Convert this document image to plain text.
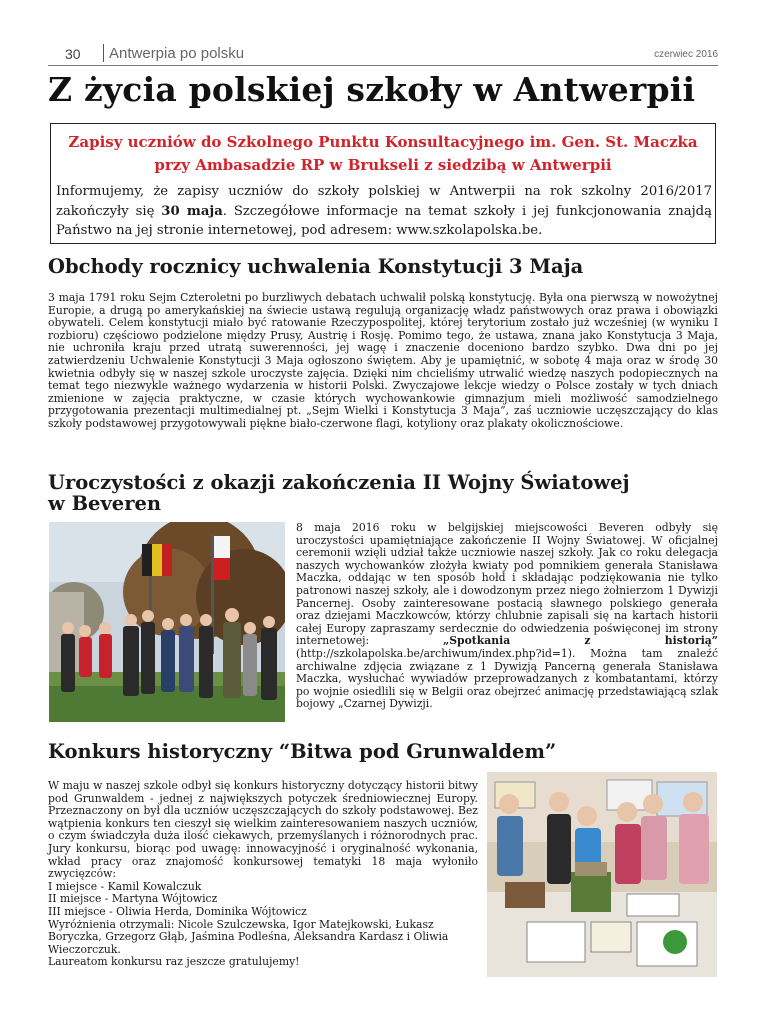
30 Antwerpia po polsku	czerwiec 2016
Z życia polskiej szkoły w Antwerpii
Zapisy uczniów do Szkolnego Punktu Konsultacyjnego im. Gen. St. Maczka
przy Ambasadzie RP w Brukseli z siedzibą w Antwerpii

Informujemy, że zapisy uczniów do szkoły polskiej w Antwerpii na rok szkolny 2016/2017 zakończyły się 30 maja. Szczegółowe informacje na temat szkoły i jej funkcjonowania znajdą Państwo na jej stronie internetowej, pod adresem: www.szkolapolska.be.

Obchody rocznicy uchwalenia Konstytucji 3 Maja

3 maja 1791 roku Sejm Czteroletni po burzliwych debatach uchwalił polską konstytucję. Była ona pierwszą w nowożytnej Europie, a drugą po amerykańskiej na świecie ustawą regulują organizację władz państwowych oraz prawa i obowiązki obywateli. Celem konstytucji miało być ratowanie Rzeczypospolitej, której terytorium zostało już wcześniej (w wyniku I rozbioru) częściowo podzielone między Prusy, Austrię i Rosję. Pomimo tego, że ustawa, znana jako Konstytucja 3 Maja, nie uchroniła kraju przed utratą suwerenności, jej wagę i znaczenie doceniono bardzo szybko. Dwa dni po jej zatwierdzeniu Uchwalenie Konstytucji 3 Maja ogłoszono świętem. Aby je upamiętnić, w sobotę 4 maja oraz w środę 30 kwietnia odbyły się w naszej szkole uroczyste zajęcia. Dzięki nim chcieliśmy utrwalić wiedzę naszych podopiecznych na temat tego niezwykle ważnego wydarzenia w historii Polski. Zwyczajowe lekcje wiedzy o Polsce zostały w tych dniach zmienione w zajęcia praktyczne, w czasie których wychowankowie gimnazjum mieli możliwość samodzielnego przygotowania prezentacji multimedialnej pt. „Sejm Wielki i Konstytucja 3 Maja”, zaś uczniowie uczęszczający do klas szkoły podstawowej przygotowywali piękne biało-czerwone flagi, kotyliony oraz plakaty okolicznościowe.

Uroczystości z okazji zakończenia II Wojny Światowej
w Beveren

8 maja 2016 roku w belgijskiej miejscowości Beveren odbyły się uroczystości upamiętniające zakończenie II Wojny Światowej. W oficjalnej ceremonii wzięli udział także uczniowie naszej szkoły. Jak co roku delegacja naszych wychowanków złożyła kwiaty pod pomnikiem generała Stanisława Maczka, oddając w ten sposób hołd i składając podziękowania nie tylko patronowi naszej szkoły, ale i dowodzonym przez niego żołnierzom 1 Dywizji Pancernej. Osoby zainteresowane postacią sławnego polskiego generała oraz dziejami Maczkowców, którzy chlubnie zapisali się na kartach historii całej Europy zapraszamy serdecznie do odwiedzenia poświęconej im strony internetowej: „Spotkania z historią” (http://szkolapolska.be/archiwum/index.php?id=1). Można tam znaleźć archiwalne zdjęcia związane z 1 Dywizją Pancerną generała Stanisława Maczka, wysłuchać wywiadów przeprowadzanych z kombatantami, którzy po wojnie osiedlili się w Belgii oraz obejrzeć animację przedstawiającą szlak bojowy „Czarnej Dywizji.

Konkurs historyczny “Bitwa pod Grunwaldem”

W maju w naszej szkole odbył się konkurs historyczny dotyczący historii bitwy pod Grunwaldem - jednej z największych potyczek średniowiecznej Europy. Przeznaczony on był dla uczniów uczęszczających do szkoły podstawowej. Bez wątpienia konkurs ten cieszył się wielkim zainteresowaniem naszych uczniów, o czym świadczyła duża ilość ciekawych, przemyślanych i różnorodnych prac. Jury konkursu, biorąc pod uwagę: innowacyjność i oryginalność wykonania, wkład pracy oraz znajomość konkursowej tematyki 18 maja wyłoniło zwycięzców:

I miejsce - Kamil Kowalczuk

II miejsce - Martyna Wójtowicz

III miejsce - Oliwia Herda, Dominika Wójtowicz

Wyróżnienia otrzymali: Nicole Szulczewska, Igor Matejkowski, Łukasz Boryczka, Grzegorz Głąb, Jaśmina Podleśna, Aleksandra Kardasz i Oliwia Wieczorczuk.

Laureatom konkursu raz jeszcze gratulujemy!
